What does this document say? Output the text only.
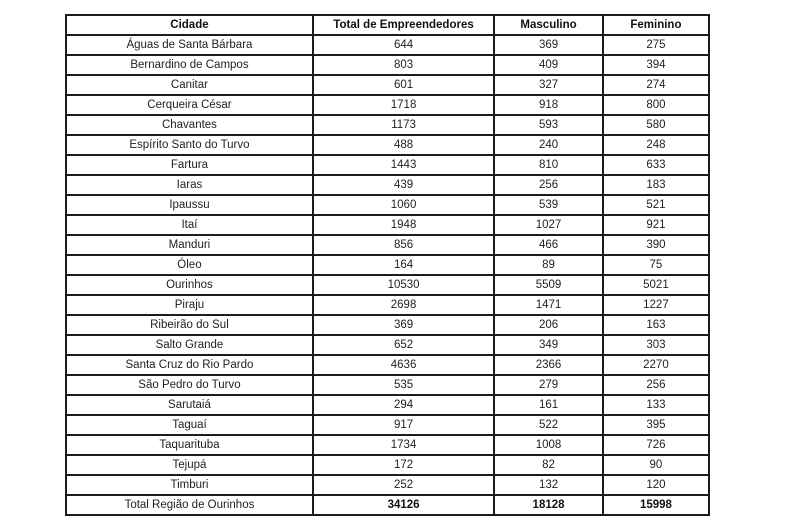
Cidade	Total de Empreendedores	Masculino	Feminino
Águas de Santa Bárbara	644	369	275
Bernardino de Campos	803	409	394
Canitar	601	327	274
Cerqueira César	1718	918	800
Chavantes	1173	593	580
Espírito Santo do Turvo	488	240	248
Fartura	1443	810	633
Iaras	439	256	183
Ipaussu	1060	539	521
Itaí	1948	1027	921
Manduri	856	466	390
Óleo	164	89	75
Ourinhos	10530	5509	5021
Piraju	2698	1471	1227
Ribeirão do Sul	369	206	163
Salto Grande	652	349	303
Santa Cruz do Rio Pardo	4636	2366	2270
São Pedro do Turvo	535	279	256
Sarutaiá	294	161	133
Taguaí	917	522	395
Taquarituba	1734	1008	726
Tejupá	172	82	90
Timburi	252	132	120
Total Região de Ourinhos	34126	18128	15998
